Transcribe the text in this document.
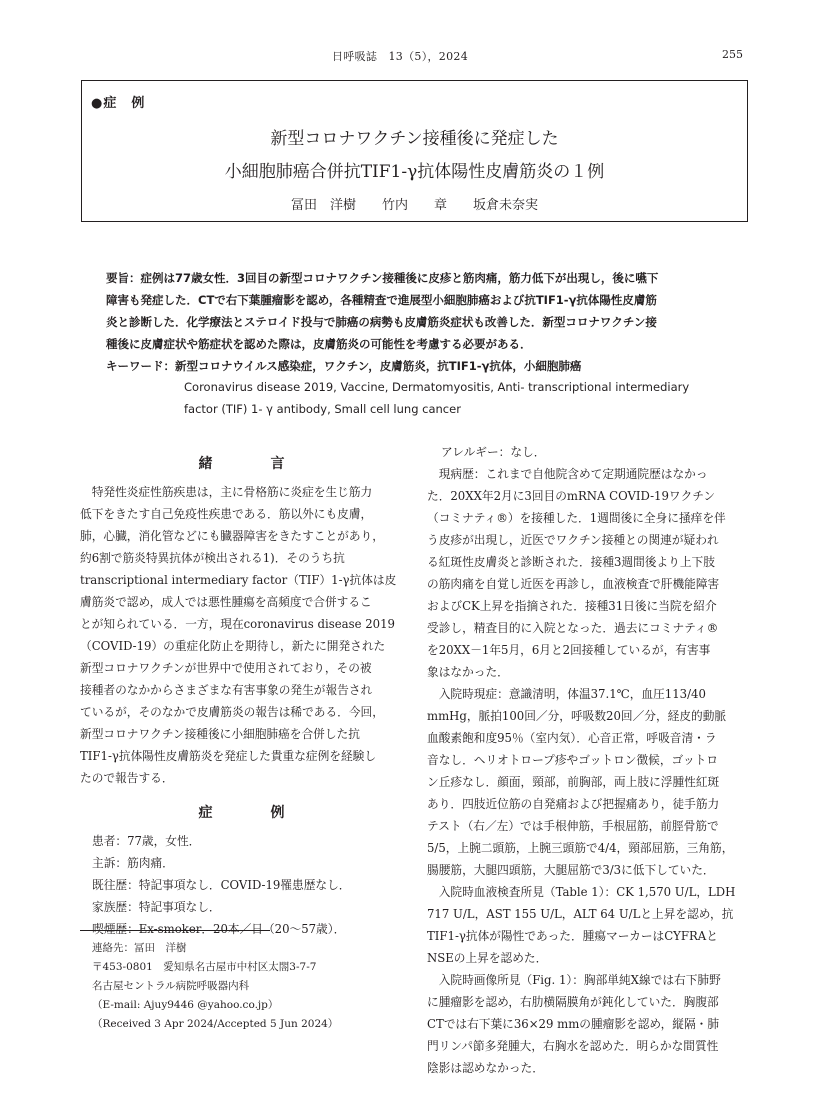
日呼吸誌　13（5），2024	255
●症　例
新型コロナワクチン接種後に発症した
小細胞肺癌合併抗TIF1-γ抗体陽性皮膚筋炎の１例
冨田　洋樹　　竹内　　章　　坂倉未奈実
要旨：症例は77歳女性．3回目の新型コロナワクチン接種後に皮疹と筋肉痛，筋力低下が出現し，後に嚥下
障害も発症した．CTで右下葉腫瘤影を認め，各種精査で進展型小細胞肺癌および抗TIF1-γ抗体陽性皮膚筋
炎と診断した．化学療法とステロイド投与で肺癌の病勢も皮膚筋炎症状も改善した．新型コロナワクチン接
種後に皮膚症状や筋症状を認めた際は，皮膚筋炎の可能性を考慮する必要がある．
キーワード：新型コロナウイルス感染症，ワクチン，皮膚筋炎，抗TIF1-γ抗体，小細胞肺癌
Coronavirus disease 2019, Vaccine, Dermatomyositis, Anti- transcriptional intermediary
factor (TIF) 1- γ antibody, Small cell lung cancer
緒　言
　特発性炎症性筋疾患は，主に骨格筋に炎症を生じ筋力
低下をきたす自己免疫性疾患である．筋以外にも皮膚，
肺，心臓，消化管などにも臓器障害をきたすことがあり，
約6割で筋炎特異抗体が検出される1)．そのうち抗
transcriptional intermediary factor（TIF）1-γ抗体は皮
膚筋炎で認め，成人では悪性腫瘍を高頻度で合併するこ
とが知られている．一方，現在coronavirus disease 2019
（COVID-19）の重症化防止を期待し，新たに開発された
新型コロナワクチンが世界中で使用されており，その被
接種者のなかからさまざまな有害事象の発生が報告され
ているが，そのなかで皮膚筋炎の報告は稀である．今回，
新型コロナワクチン接種後に小細胞肺癌を合併した抗
TIF1-γ抗体陽性皮膚筋炎を発症した貴重な症例を経験し
たので報告する．
症　例
患者：77歳，女性．
主訴：筋肉痛．
既往歴：特記事項なし．COVID-19罹患歴なし．
家族歴：特記事項なし．
喫煙歴：Ex-smoker．20本／日（20～57歳）．
連絡先：冨田　洋樹
〒453-0801　愛知県名古屋市中村区太閤3-7-7
名古屋セントラル病院呼吸器内科
（E-mail: Ajuy9446 @yahoo.co.jp）
（Received 3 Apr 2024/Accepted 5 Jun 2024）
アレルギー：なし．
　現病歴：これまで自他院含めて定期通院歴はなかっ
た．20XX年2月に3回目のmRNA COVID-19ワクチン
（コミナティ®）を接種した．1週間後に全身に掻痒を伴
う皮疹が出現し，近医でワクチン接種との関連が疑われ
る紅斑性皮膚炎と診断された．接種3週間後より上下肢
の筋肉痛を自覚し近医を再診し，血液検査で肝機能障害
およびCK上昇を指摘された．接種31日後に当院を紹介
受診し，精査目的に入院となった．過去にコミナティ®
を20XX－1年5月，6月と2回接種しているが，有害事
象はなかった．
　入院時現症：意識清明，体温37.1℃，血圧113/40
mmHg，脈拍100回／分，呼吸数20回／分，経皮的動脈
血酸素飽和度95％（室内気）．心音正常，呼吸音清・ラ
音なし．ヘリオトロープ疹やゴットロン徴候，ゴットロ
ン丘疹なし．顔面，頸部，前胸部，両上肢に浮腫性紅斑
あり．四肢近位筋の自発痛および把握痛あり，徒手筋力
テスト（右／左）では手根伸筋，手根屈筋，前脛骨筋で
5/5，上腕二頭筋，上腕三頭筋で4/4，頸部屈筋，三角筋，
腸腰筋，大腿四頭筋，大腿屈筋で3/3に低下していた．
　入院時血液検査所見（Table 1）：CK 1,570 U/L，LDH
717 U/L，AST 155 U/L，ALT 64 U/Lと上昇を認め，抗
TIF1-γ抗体が陽性であった．腫瘍マーカーはCYFRAと
NSEの上昇を認めた．
　入院時画像所見（Fig. 1）：胸部単純X線では右下肺野
に腫瘤影を認め，右肋横隔膜角が鈍化していた．胸腹部
CTでは右下葉に36×29 mmの腫瘤影を認め，縦隔・肺
門リンパ節多発腫大，右胸水を認めた．明らかな間質性
陰影は認めなかった．
